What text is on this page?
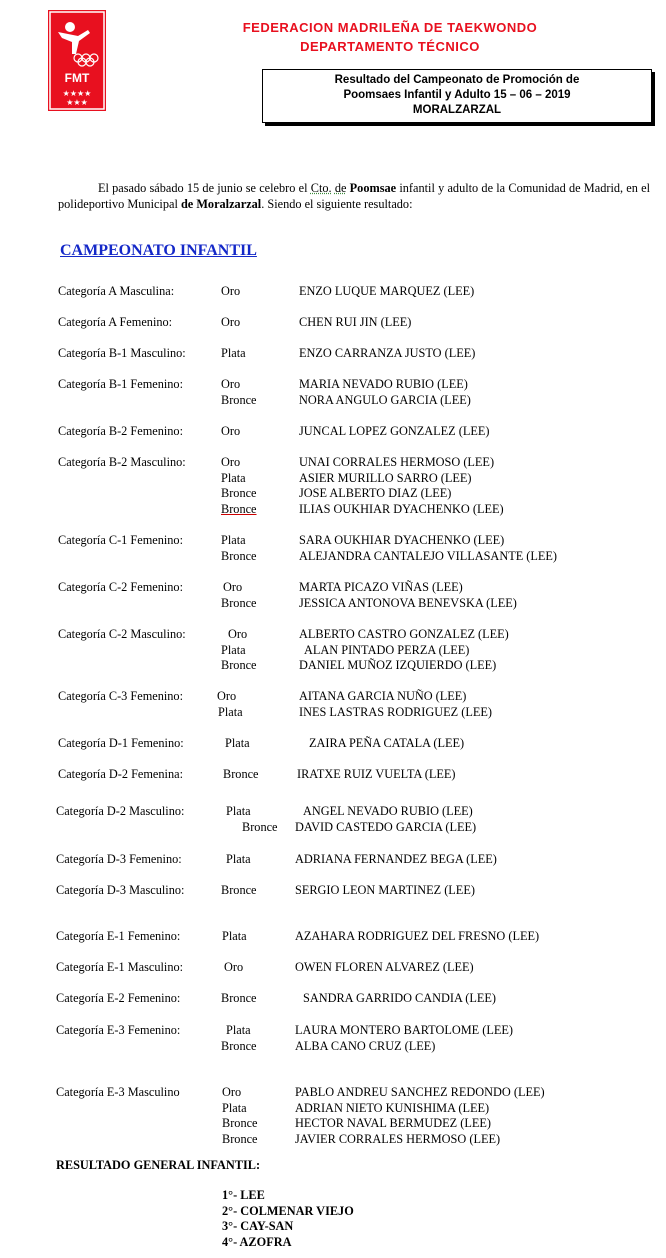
FMT
★★★★
★★★
FEDERACION MADRILEÑA DE TAEKWONDO
DEPARTAMENTO TÉCNICO
Resultado del Campeonato de Promoción de
Poomsaes Infantil y Adulto 15 – 06 – 2019
MORALZARZAL

El pasado sábado 15 de junio se celebro el Cto. de Poomsae infantil y adulto de la Comunidad de Madrid, en el polideportivo Municipal de Moralzarzal. Siendo el siguiente resultado:

CAMPEONATO INFANTIL
Categoría A Masculina:	Oro	ENZO LUQUE MARQUEZ (LEE)
Categoría A Femenino:	Oro	CHEN RUI JIN (LEE)
Categoría B-1 Masculino:	Plata	ENZO CARRANZA JUSTO (LEE)
Categoría B-1 Femenino:	Oro	MARIA NEVADO RUBIO (LEE)
Bronce	NORA ANGULO GARCIA (LEE)
Categoría B-2 Femenino:	Oro	JUNCAL LOPEZ GONZALEZ (LEE)
Categoría B-2 Masculino:	Oro	UNAI CORRALES HERMOSO (LEE)
Plata	ASIER MURILLO SARRO (LEE)
Bronce	JOSE ALBERTO DIAZ (LEE)
Bronce	ILIAS OUKHIAR DYACHENKO (LEE)
Categoría C-1 Femenino:	Plata	SARA OUKHIAR DYACHENKO (LEE)
Bronce	ALEJANDRA CANTALEJO VILLASANTE (LEE)
Categoría C-2 Femenino:	Oro	MARTA PICAZO VIÑAS (LEE)
Bronce	JESSICA ANTONOVA BENEVSKA (LEE)
Categoría C-2 Masculino:	Oro	ALBERTO CASTRO GONZALEZ (LEE)
Plata	ALAN PINTADO PERZA (LEE)
Bronce	DANIEL MUÑOZ IZQUIERDO (LEE)
Categoría C-3 Femenino:	Oro	AITANA GARCIA NUÑO (LEE)
Plata	INES LASTRAS RODRIGUEZ (LEE)
Categoría D-1 Femenino:	Plata	ZAIRA PEÑA CATALA (LEE)
Categoría D-2 Femenina:	Bronce	IRATXE RUIZ VUELTA (LEE)
Categoría D-2 Masculino:	Plata	ANGEL NEVADO RUBIO (LEE)
Bronce DAVID CASTEDO GARCIA (LEE)
Categoría D-3 Femenino:	Plata	ADRIANA FERNANDEZ BEGA (LEE)
Categoría D-3 Masculino:	Bronce	SERGIO LEON MARTINEZ (LEE)
Categoría E-1 Femenino:	Plata	AZAHARA RODRIGUEZ DEL FRESNO (LEE)
Categoría E-1 Masculino:	Oro	OWEN FLOREN ALVAREZ (LEE)
Categoría E-2 Femenino:	Bronce	SANDRA GARRIDO CANDIA (LEE)
Categoría E-3 Femenino:	Plata	LAURA MONTERO BARTOLOME (LEE)
Bronce	ALBA CANO CRUZ (LEE)
Categoría E-3 Masculino	Oro	PABLO ANDREU SANCHEZ REDONDO (LEE)
Plata	ADRIAN NIETO KUNISHIMA (LEE)
Bronce	HECTOR NAVAL BERMUDEZ (LEE)
Bronce	JAVIER CORRALES HERMOSO (LEE)
RESULTADO GENERAL INFANTIL:
1°- LEE
2°- COLMENAR VIEJO
3°- CAY-SAN
4°- AZOFRA
